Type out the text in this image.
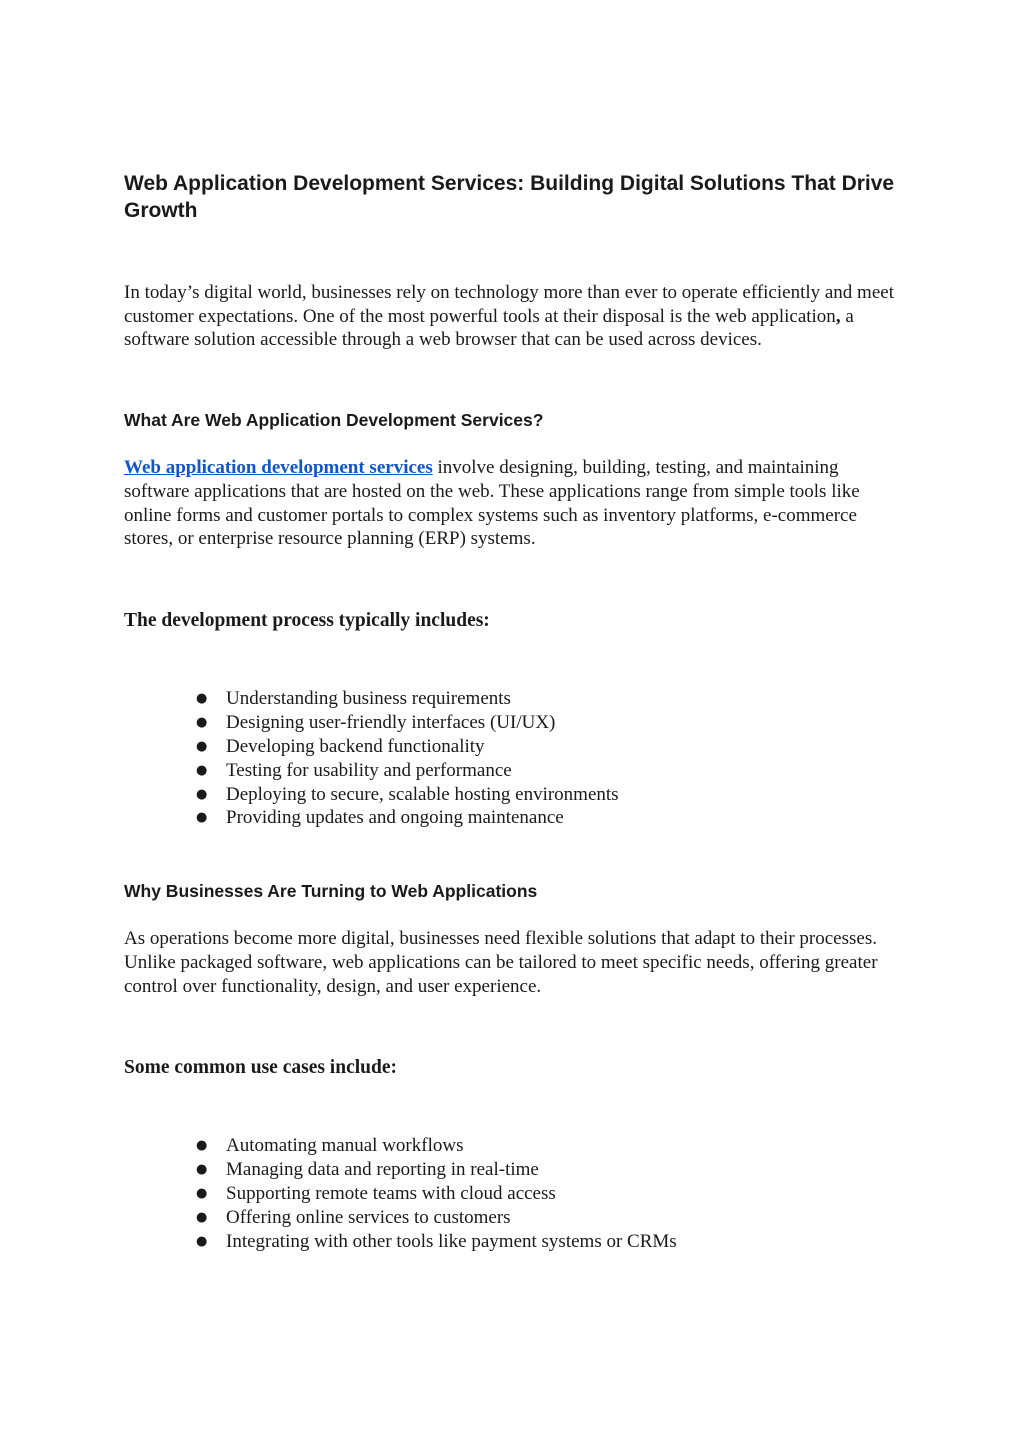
Web Application Development Services: Building Digital Solutions That Drive Growth

In today’s digital world, businesses rely on technology more than ever to operate efficiently and meet customer expectations. One of the most powerful tools at their disposal is the web application, a software solution accessible through a web browser that can be used across devices.

What Are Web Application Development Services?

Web application development services involve designing, building, testing, and maintaining software applications that are hosted on the web. These applications range from simple tools like online forms and customer portals to complex systems such as inventory platforms, e-commerce stores, or enterprise resource planning (ERP) systems.

The development process typically includes:
● Understanding business requirements
● Designing user-friendly interfaces (UI/UX)
● Developing backend functionality
● Testing for usability and performance
● Deploying to secure, scalable hosting environments
● Providing updates and ongoing maintenance
Why Businesses Are Turning to Web Applications

As operations become more digital, businesses need flexible solutions that adapt to their processes. Unlike packaged software, web applications can be tailored to meet specific needs, offering greater control over functionality, design, and user experience.

Some common use cases include:
● Automating manual workflows
● Managing data and reporting in real-time
● Supporting remote teams with cloud access
● Offering online services to customers
● Integrating with other tools like payment systems or CRMs
